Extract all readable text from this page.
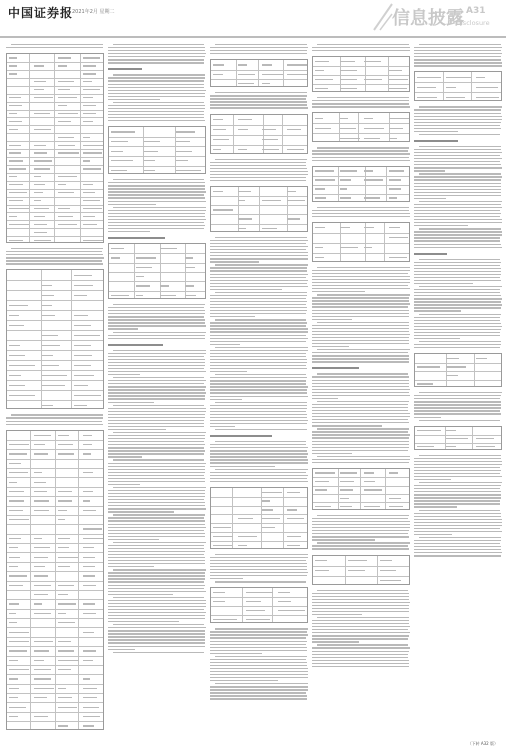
中国证券报
2021年2月 星期二	信息披露 A31
Disclosure
（下转 A32 版）
